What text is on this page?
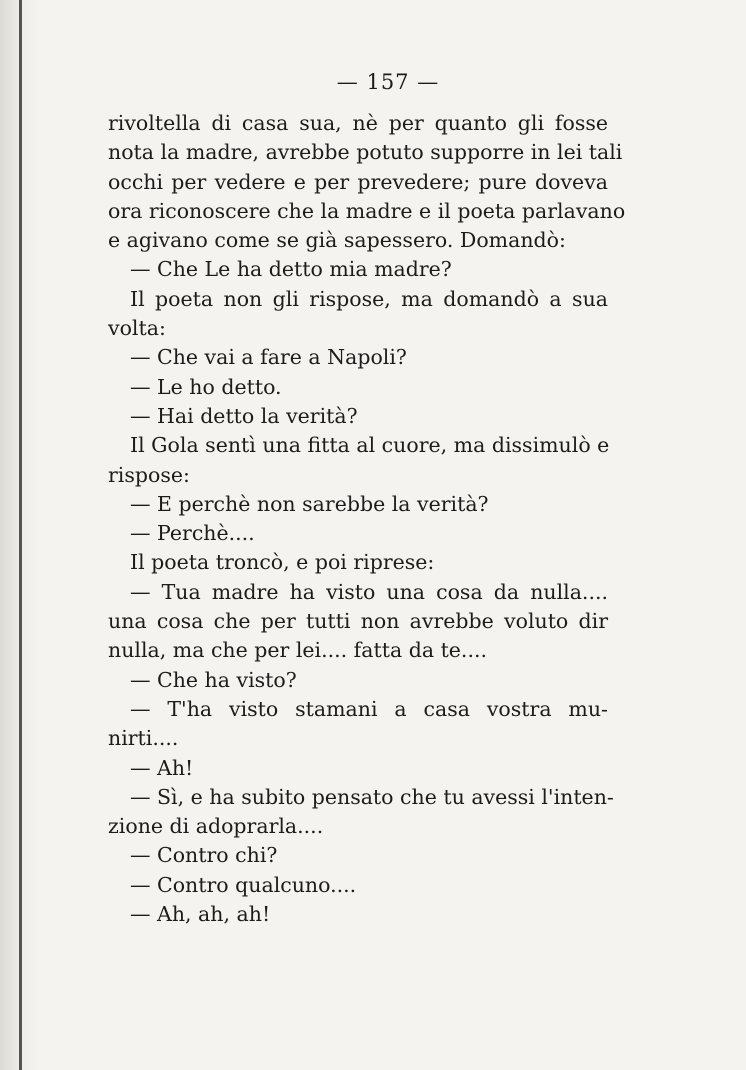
— 157 —
rivoltella di casa sua, nè per quanto gli fosse
nota la madre, avrebbe potuto supporre in lei tali
occhi per vedere e per prevedere; pure doveva
ora riconoscere che la madre e il poeta parlavano
e agivano come se già sapessero. Domandò:
— Che Le ha detto mia madre?
Il poeta non gli rispose, ma domandò a sua
volta:
— Che vai a fare a Napoli?
— Le ho detto.
— Hai detto la verità?
Il Gola sentì una fitta al cuore, ma dissimulò e
rispose:
— E perchè non sarebbe la verità?
— Perchè....
Il poeta troncò, e poi riprese:
— Tua madre ha visto una cosa da nulla....
una cosa che per tutti non avrebbe voluto dir
nulla, ma che per lei.... fatta da te....
— Che ha visto?
— T'ha visto stamani a casa vostra mu-
nirti....
— Ah!
— Sì, e ha subito pensato che tu avessi l'inten-
zione di adoprarla....
— Contro chi?
— Contro qualcuno....
— Ah, ah, ah!
